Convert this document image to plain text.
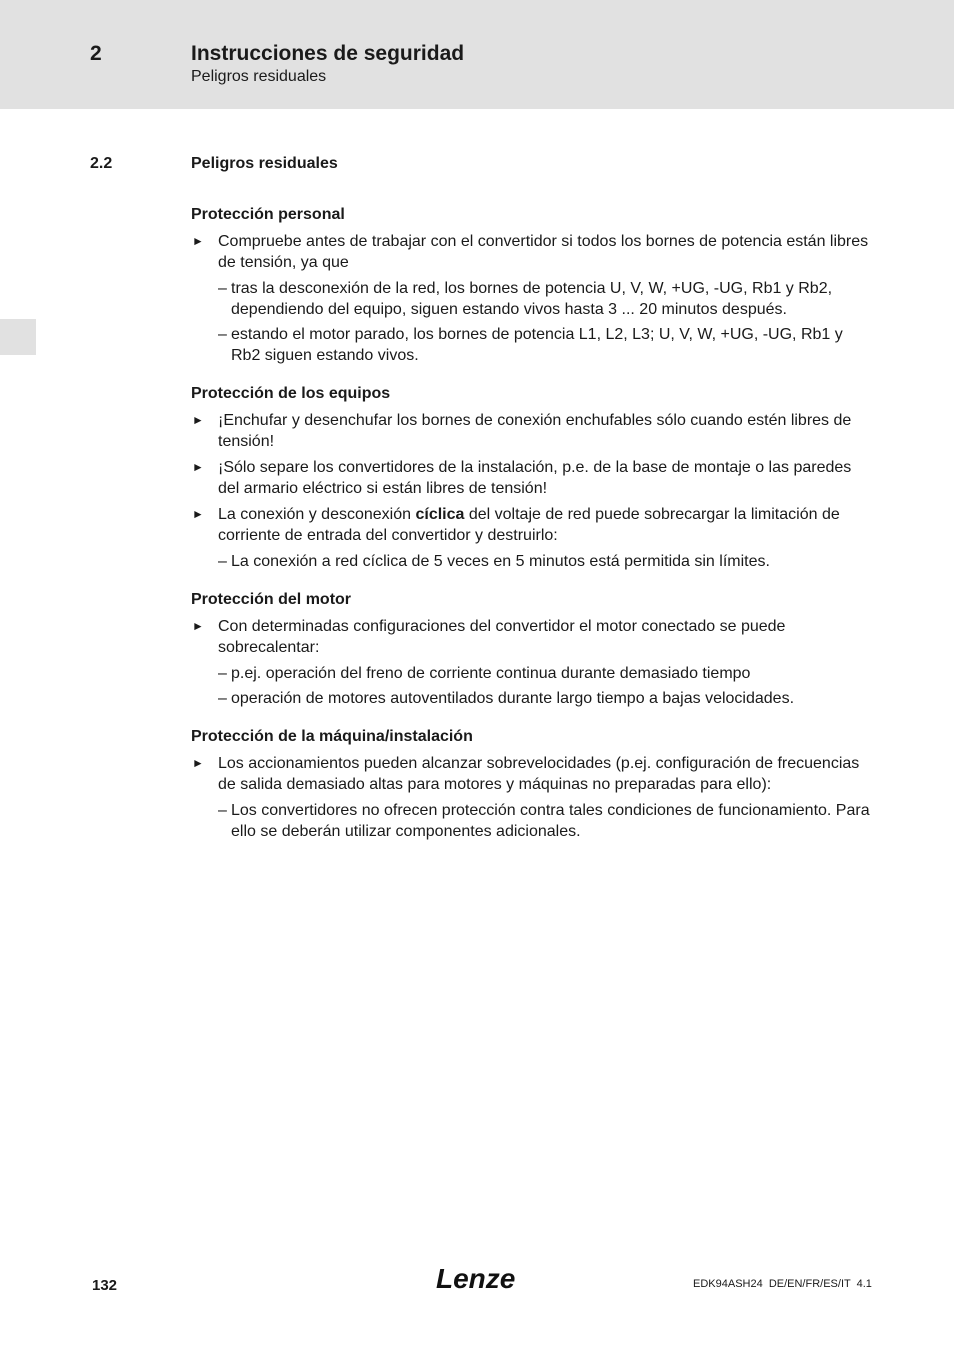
2	Instrucciones de seguridad
Peligros residuales
2.2	Peligros residuales
Protección personal
► Compruebe antes de trabajar con el convertidor si todos los bornes de potencia están libres de tensión, ya que
– tras la desconexión de la red, los bornes de potencia U, V, W, +UG, -UG, Rb1 y Rb2, dependiendo del equipo, siguen estando vivos hasta 3 ... 20 minutos después.
– estando el motor parado, los bornes de potencia L1, L2, L3; U, V, W, +UG, -UG, Rb1 y Rb2 siguen estando vivos.
Protección de los equipos
► ¡Enchufar y desenchufar los bornes de conexión enchufables sólo cuando estén libres de tensión!
► ¡Sólo separe los convertidores de la instalación, p.e. de la base de montaje o las paredes del armario eléctrico si están libres de tensión!
► La conexión y desconexión cíclica del voltaje de red puede sobrecargar la limitación de corriente de entrada del convertidor y destruirlo:
– La conexión a red cíclica de 5 veces en 5 minutos está permitida sin límites.
Protección del motor
► Con determinadas configuraciones del convertidor el motor conectado se puede sobrecalentar:
– p.ej. operación del freno de corriente continua durante demasiado tiempo
– operación de motores autoventilados durante largo tiempo a bajas velocidades.
Protección de la máquina/instalación
► Los accionamientos pueden alcanzar sobrevelocidades (p.ej. configuración de frecuencias de salida demasiado altas para motores y máquinas no preparadas para ello):
– Los convertidores no ofrecen protección contra tales condiciones de funcionamiento. Para ello se deberán utilizar componentes adicionales.
132	Lenze	EDK94ASH24  DE/EN/FR/ES/IT  4.1
